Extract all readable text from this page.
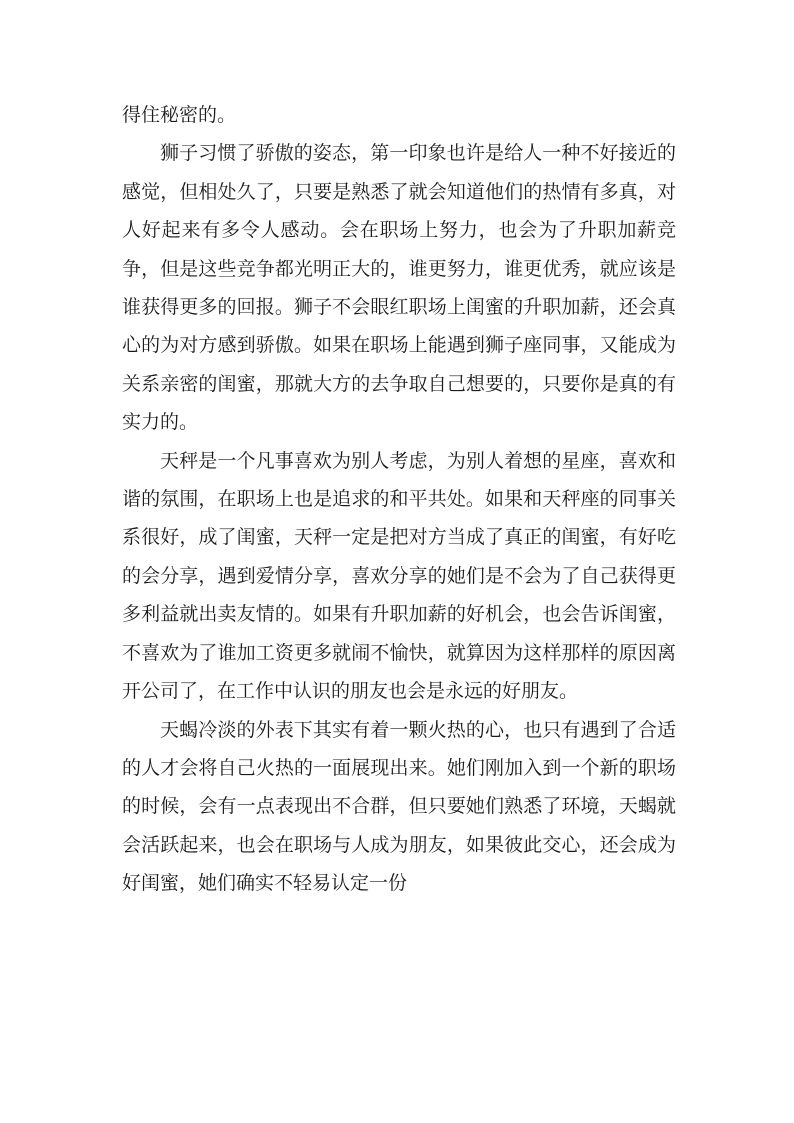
得住秘密的。

狮子习惯了骄傲的姿态，第一印象也许是给人一种不好接近的感觉，但相处久了，只要是熟悉了就会知道他们的热情有多真，对人好起来有多令人感动。会在职场上努力，也会为了升职加薪竞争，但是这些竞争都光明正大的，谁更努力，谁更优秀，就应该是谁获得更多的回报。狮子不会眼红职场上闺蜜的升职加薪，还会真心的为对方感到骄傲。如果在职场上能遇到狮子座同事，又能成为关系亲密的闺蜜，那就大方的去争取自己想要的，只要你是真的有实力的。

天秤是一个凡事喜欢为别人考虑，为别人着想的星座，喜欢和谐的氛围，在职场上也是追求的和平共处。如果和天秤座的同事关系很好，成了闺蜜，天秤一定是把对方当成了真正的闺蜜，有好吃的会分享，遇到爱情分享，喜欢分享的她们是不会为了自己获得更多利益就出卖友情的。如果有升职加薪的好机会，也会告诉闺蜜，不喜欢为了谁加工资更多就闹不愉快，就算因为这样那样的原因离开公司了，在工作中认识的朋友也会是永远的好朋友。

天蝎冷淡的外表下其实有着一颗火热的心，也只有遇到了合适的人才会将自己火热的一面展现出来。她们刚加入到一个新的职场的时候，会有一点表现出不合群，但只要她们熟悉了环境，天蝎就会活跃起来，也会在职场与人成为朋友，如果彼此交心，还会成为好闺蜜，她们确实不轻易认定一份
